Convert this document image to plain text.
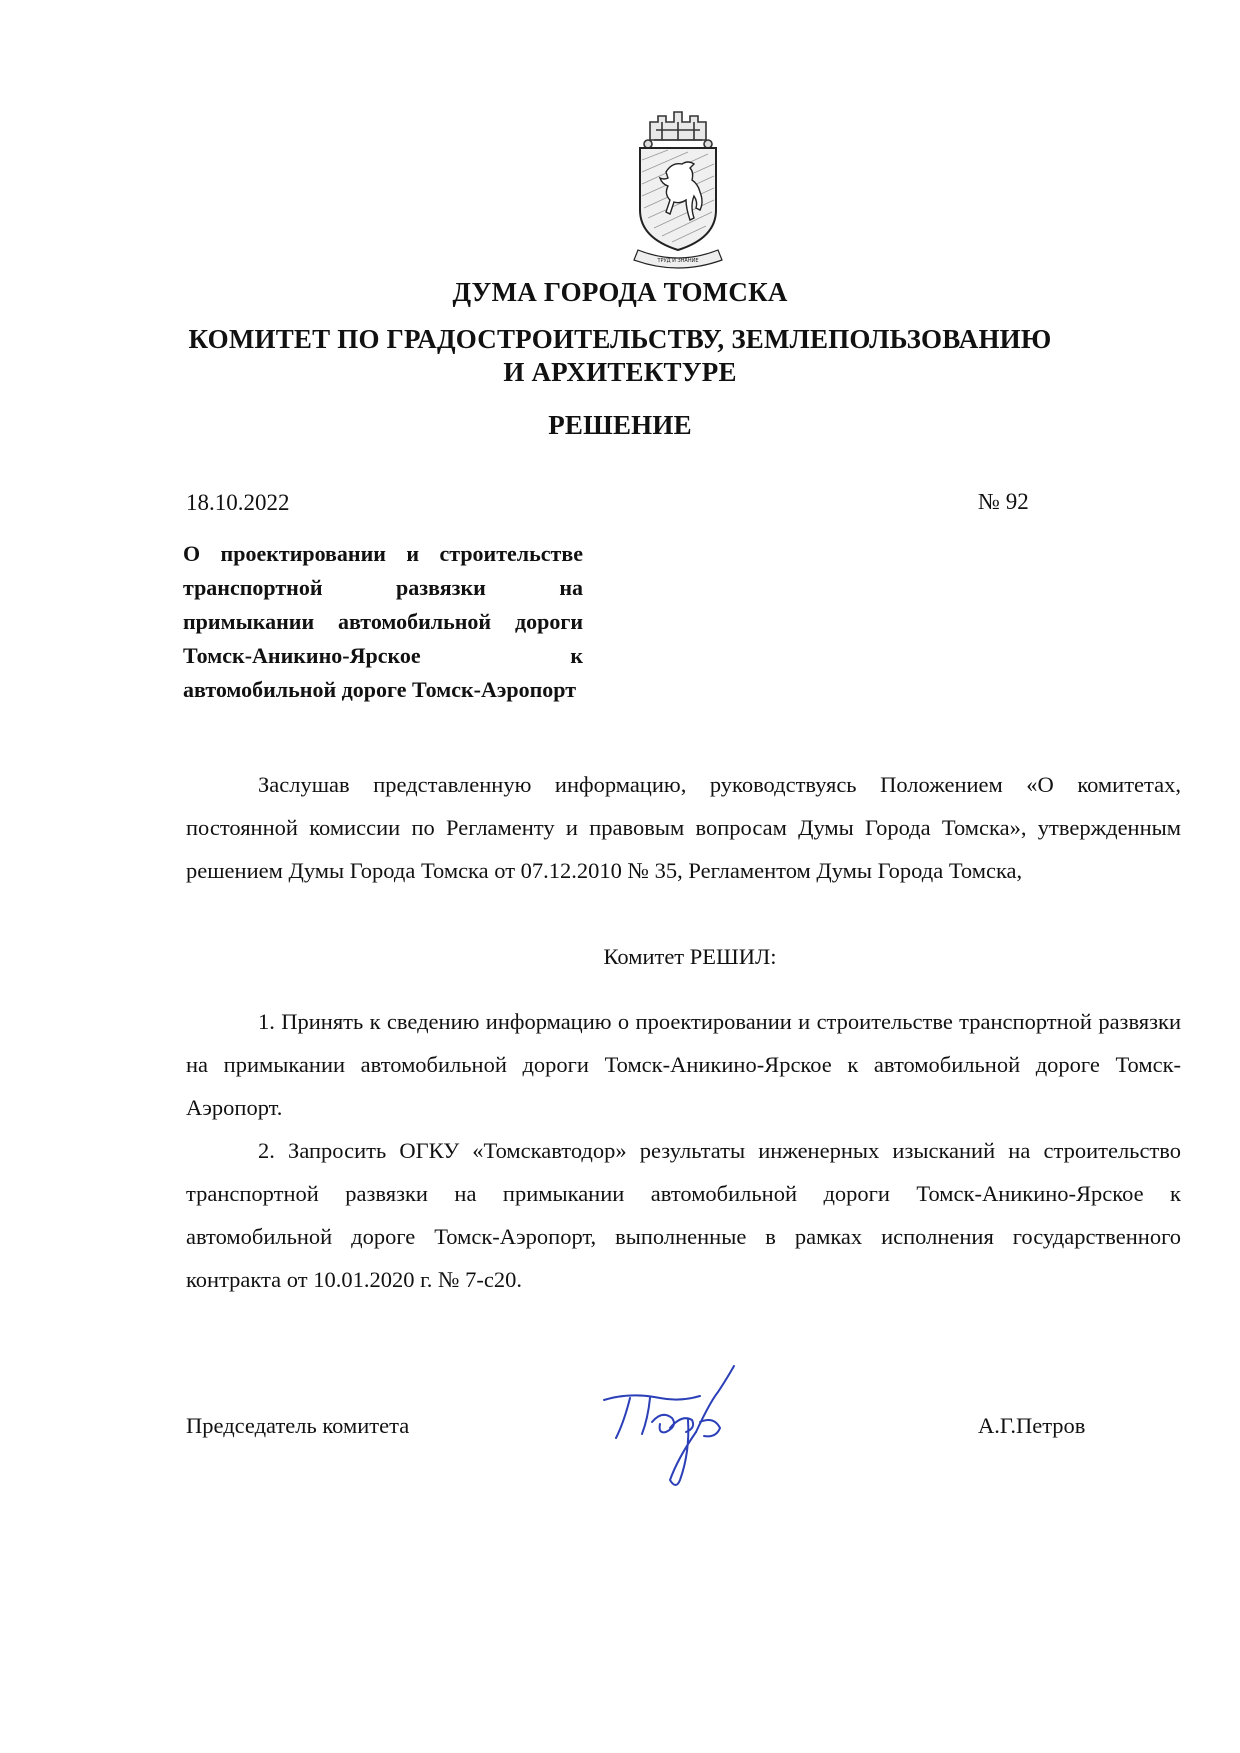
ТРУД И ЗНАНИЕ
ДУМА ГОРОДА ТОМСКА
КОМИТЕТ ПО ГРАДОСТРОИТЕЛЬСТВУ, ЗЕМЛЕПОЛЬЗОВАНИЮ
И АРХИТЕКТУРЕ
РЕШЕНИЕ
18.10.2022	№ 92
О проектировании и строительстве транспортной развязки на примыкании автомобильной дороги Томск-Аникино-Ярское к автомобильной дороге Томск-Аэропорт

Заслушав представленную информацию, руководствуясь Положением «О комитетах, постоянной комиссии по Регламенту и правовым вопросам Думы Города Томска», утвержденным решением Думы Города Томска от 07.12.2010 № 35, Регламентом Думы Города Томска,

Комитет РЕШИЛ:

1. Принять к сведению информацию о проектировании и строительстве транспортной развязки на примыкании автомобильной дороги Томск-Аникино-Ярское к автомобильной дороге Томск-Аэропорт.

2. Запросить ОГКУ «Томскавтодор» результаты инженерных изысканий на строительство транспортной развязки на примыкании автомобильной дороги Томск-Аникино-Ярское к автомобильной дороге Томск-Аэропорт, выполненные в рамках исполнения государственного контракта от 10.01.2020 г. № 7-с20.

Председатель комитета	А.Г.Петров
